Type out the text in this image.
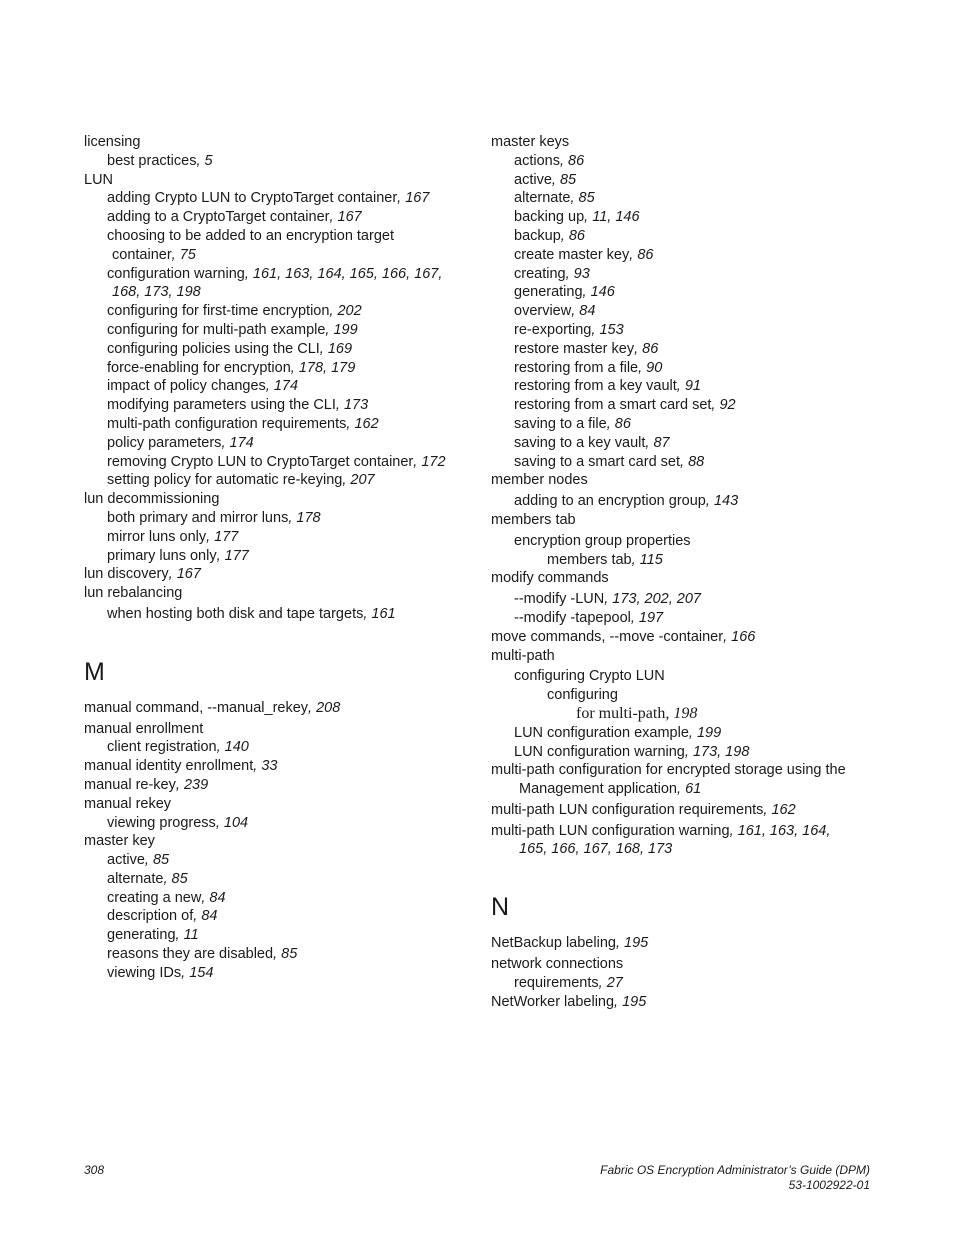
licensing
best practices, 5
LUN
adding Crypto LUN to CryptoTarget container, 167
adding to a CryptoTarget container, 167
choosing to be added to an encryption target
container, 75
configuration warning, 161, 163, 164, 165, 166, 167,
168, 173, 198
configuring for first-time encryption, 202
configuring for multi-path example, 199
configuring policies using the CLI, 169
force-enabling for encryption, 178, 179
impact of policy changes, 174
modifying parameters using the CLI, 173
multi-path configuration requirements, 162
policy parameters, 174
removing Crypto LUN to CryptoTarget container, 172
setting policy for automatic re-keying, 207
lun decommissioning
both primary and mirror luns, 178
mirror luns only, 177
primary luns only, 177
lun discovery, 167
lun rebalancing
when hosting both disk and tape targets, 161
M
manual command, --manual_rekey, 208
manual enrollment
client registration, 140
manual identity enrollment, 33
manual re-key, 239
manual rekey
viewing progress, 104
master key
active, 85
alternate, 85
creating a new, 84
description of, 84
generating, 11
reasons they are disabled, 85
viewing IDs, 154
master keys
actions, 86
active, 85
alternate, 85
backing up, 11, 146
backup, 86
create master key, 86
creating, 93
generating, 146
overview, 84
re-exporting, 153
restore master key, 86
restoring from a file, 90
restoring from a key vault, 91
restoring from a smart card set, 92
saving to a file, 86
saving to a key vault, 87
saving to a smart card set, 88
member nodes
adding to an encryption group, 143
members tab
encryption group properties
members tab, 115
modify commands
--modify -LUN, 173, 202, 207
--modify -tapepool, 197
move commands, --move -container, 166
multi-path
configuring Crypto LUN
configuring
for multi-path, 198
LUN configuration example, 199
LUN configuration warning, 173, 198
multi-path configuration for encrypted storage using the
Management application, 61
multi-path LUN configuration requirements, 162
multi-path LUN configuration warning, 161, 163, 164,
165, 166, 167, 168, 173
N
NetBackup labeling, 195
network connections
requirements, 27
NetWorker labeling, 195
308	Fabric OS Encryption Administrator’s Guide (DPM)
53-1002922-01
